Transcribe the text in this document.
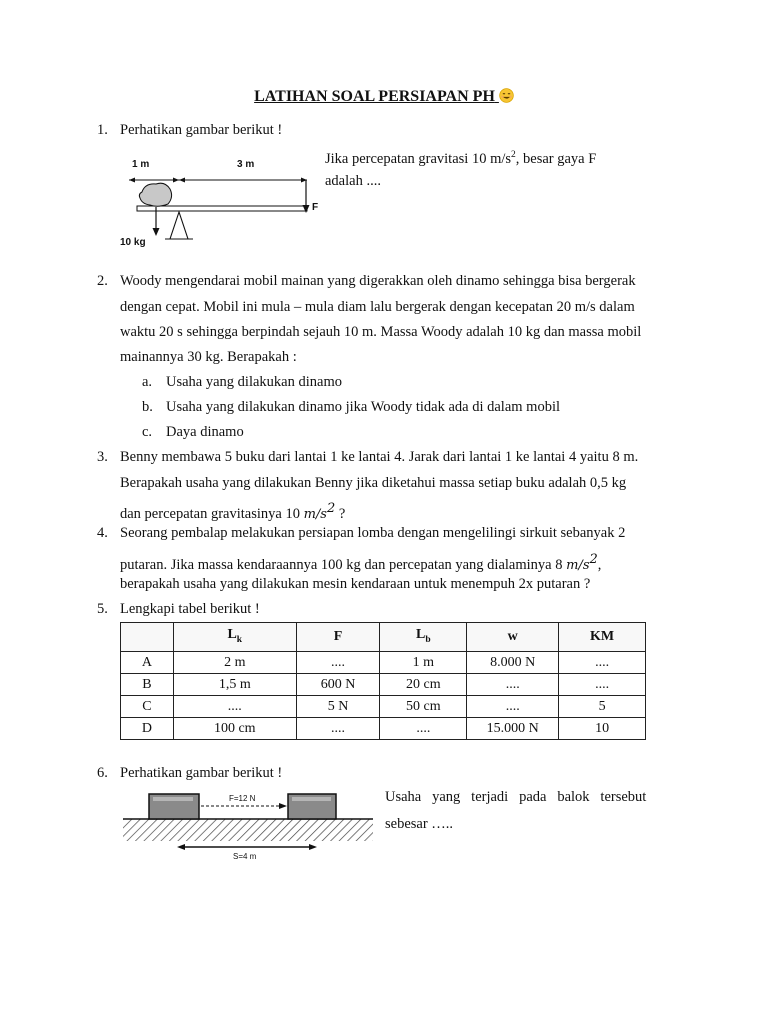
LATIHAN SOAL PERSIAPAN PH
1. Perhatikan gambar berikut !
1 m	3 m
F
10 kg
Jika percepatan gravitasi 10 $m/s^2$, besar gaya F
adalah ....
2. Woody mengendarai mobil mainan yang digerakkan oleh dinamo sehingga bisa bergerak
dengan cepat. Mobil ini mula – mula diam lalu bergerak dengan kecepatan 20 m/s dalam
waktu 20 s sehingga berpindah sejauh 10 m. Massa Woody adalah 10 kg dan massa mobil
mainannya 30 kg. Berapakah :
a. Usaha yang dilakukan dinamo
b. Usaha yang dilakukan dinamo jika Woody tidak ada di dalam mobil
c. Daya dinamo
3. Benny membawa 5 buku dari lantai 1 ke lantai 4. Jarak dari lantai 1 ke lantai 4 yaitu 8 m.
Berapakah usaha yang dilakukan Benny jika diketahui massa setiap buku adalah 0,5 kg
dan percepatan gravitasinya 10 $m/s^2$ ?
4. Seorang pembalap melakukan persiapan lomba dengan mengelilingi sirkuit sebanyak 2
putaran. Jika massa kendaraannya 100 kg dan percepatan yang dialaminya 8 $m/s^2$,
berapakah usaha yang dilakukan mesin kendaraan untuk menempuh 2x putaran ?
5. Lengkapi tabel berikut !
	$L_k$	F	$L_b$	w	KM
A	2 m	....	1 m	8.000 N	....
B	1,5 m	600 N	20 cm	....	....
C	....	5 N	50 cm	....	5
D	100 cm	....	....	15.000 N	10
6. Perhatikan gambar berikut !
F=12 N
S=4 m
Usaha   yang   terjadi   pada   balok   tersebut
sebesar …..
